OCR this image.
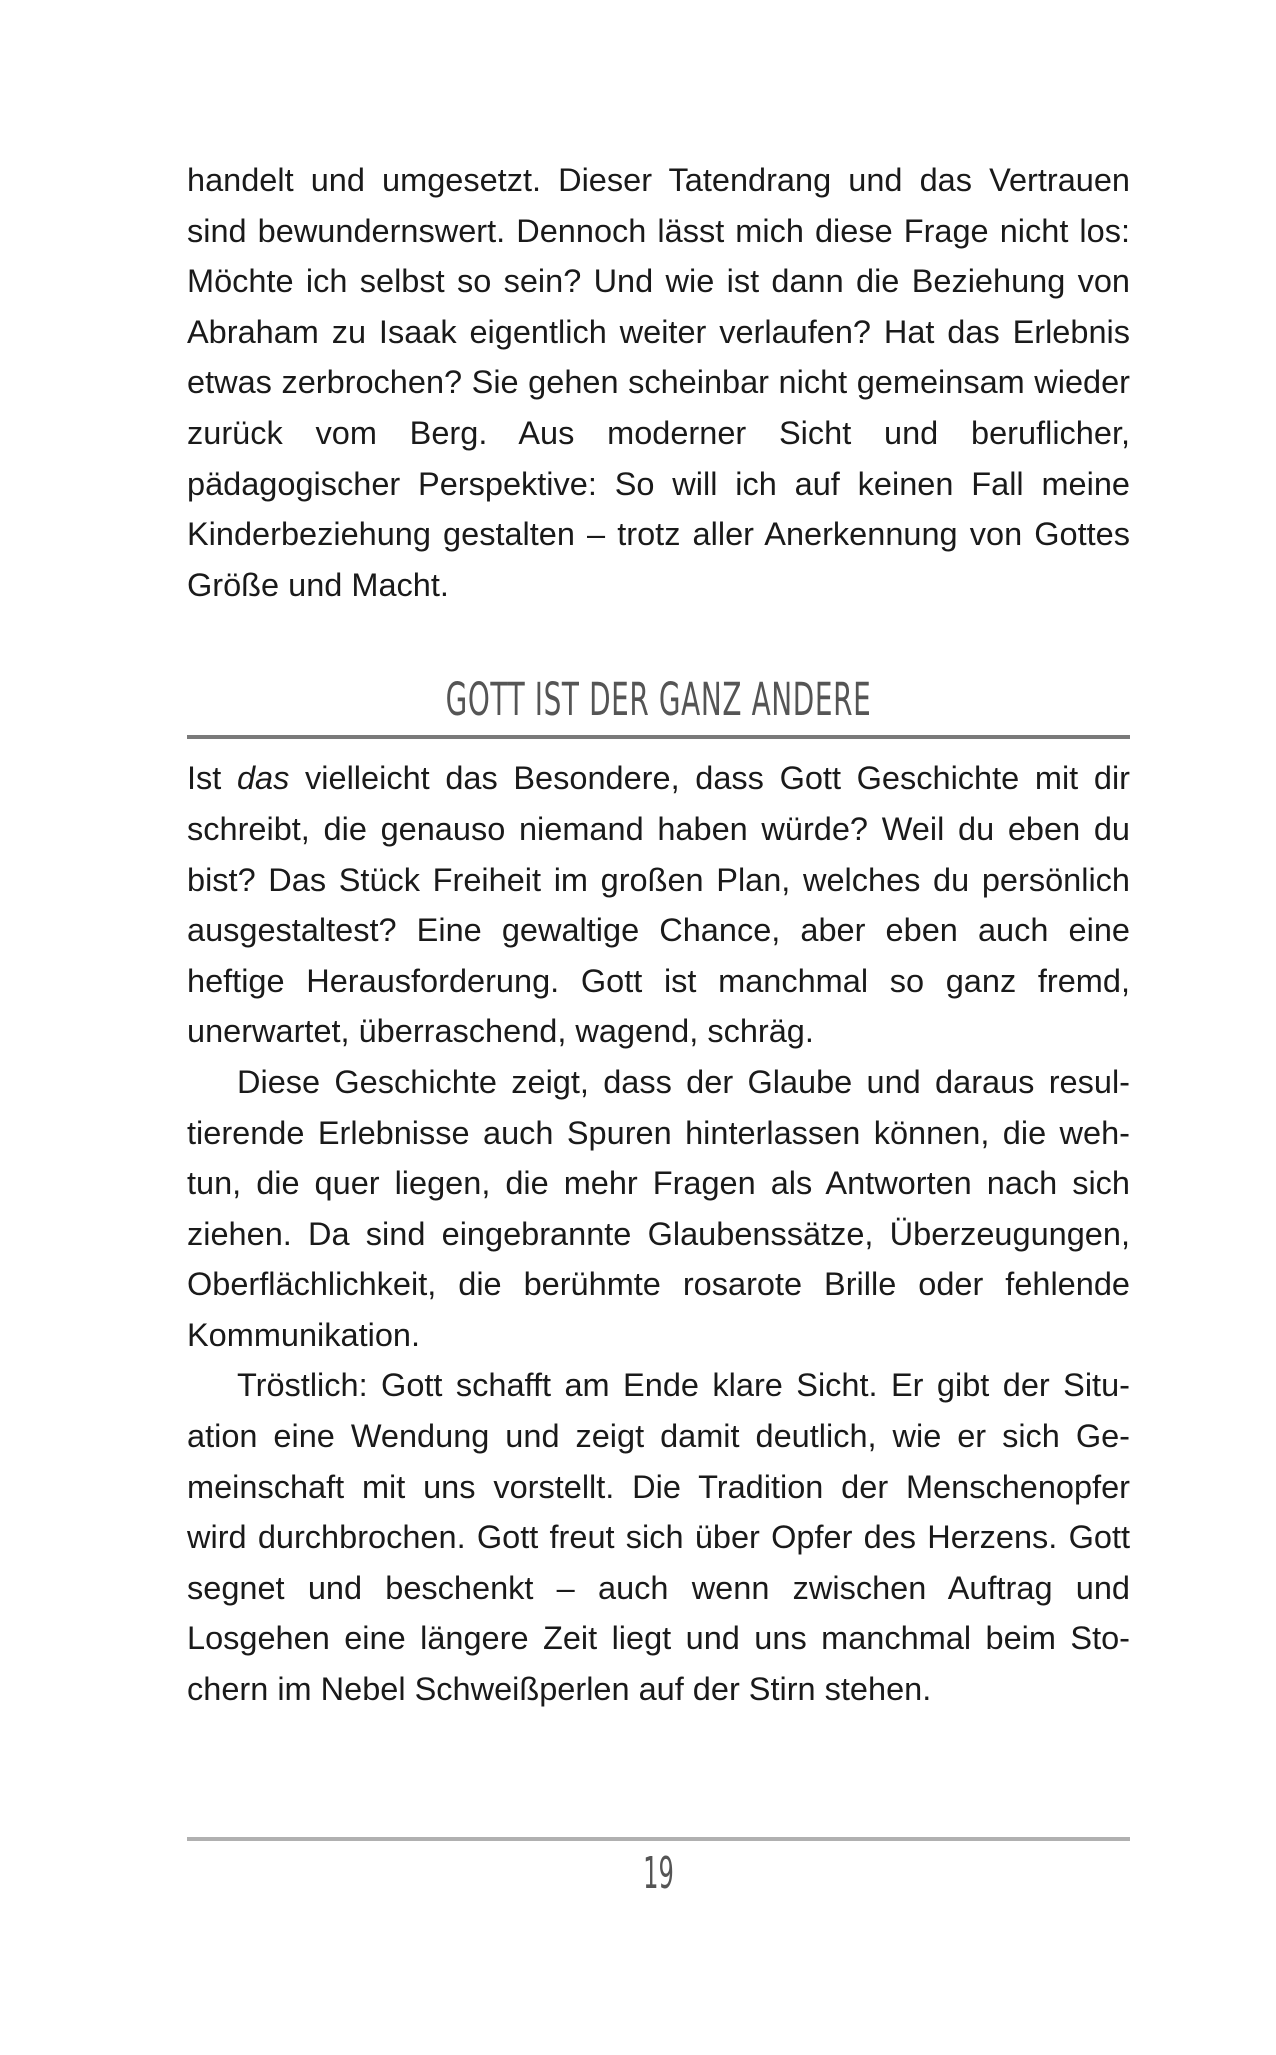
handelt und umgesetzt. Dieser Tatendrang und das Vertrauen sind bewundernswert. Dennoch lässt mich diese Frage nicht los: Möchte ich selbst so sein? Und wie ist dann die Beziehung von Abraham zu Isaak eigentlich weiter verlaufen? Hat das Erlebnis etwas zerbrochen? Sie gehen scheinbar nicht gemeinsam wieder zurück vom Berg. Aus moderner Sicht und beruflicher, pädagogischer Perspektive: So will ich auf keinen Fall meine Kinderbeziehung gestalten – trotz aller Anerkennung von Gottes Größe und Macht.

GOTT IST DER GANZ ANDERE

Ist das vielleicht das Besondere, dass Gott Geschichte mit dir schreibt, die genauso niemand haben würde? Weil du eben du bist? Das Stück Freiheit im großen Plan, welches du persönlich ausgestaltest? Eine gewaltige Chance, aber eben auch eine heftige Herausforderung. Gott ist manchmal so ganz fremd, unerwartet, überraschend, wagend, schräg.

Diese Geschichte zeigt, dass der Glaube und daraus resultierende Erlebnisse auch Spuren hinterlassen können, die wehtun, die quer liegen, die mehr Fragen als Antworten nach sich ziehen. Da sind eingebrannte Glaubenssätze, Überzeugungen, Oberflächlichkeit, die berühmte rosarote Brille oder fehlende Kommunikation.

Tröstlich: Gott schafft am Ende klare Sicht. Er gibt der Situation eine Wendung und zeigt damit deutlich, wie er sich Gemeinschaft mit uns vorstellt. Die Tradition der Menschenopfer wird durchbrochen. Gott freut sich über Opfer des Herzens. Gott segnet und beschenkt – auch wenn zwischen Auftrag und Losgehen eine längere Zeit liegt und uns manchmal beim Stochern im Nebel Schweißperlen auf der Stirn stehen.

19
